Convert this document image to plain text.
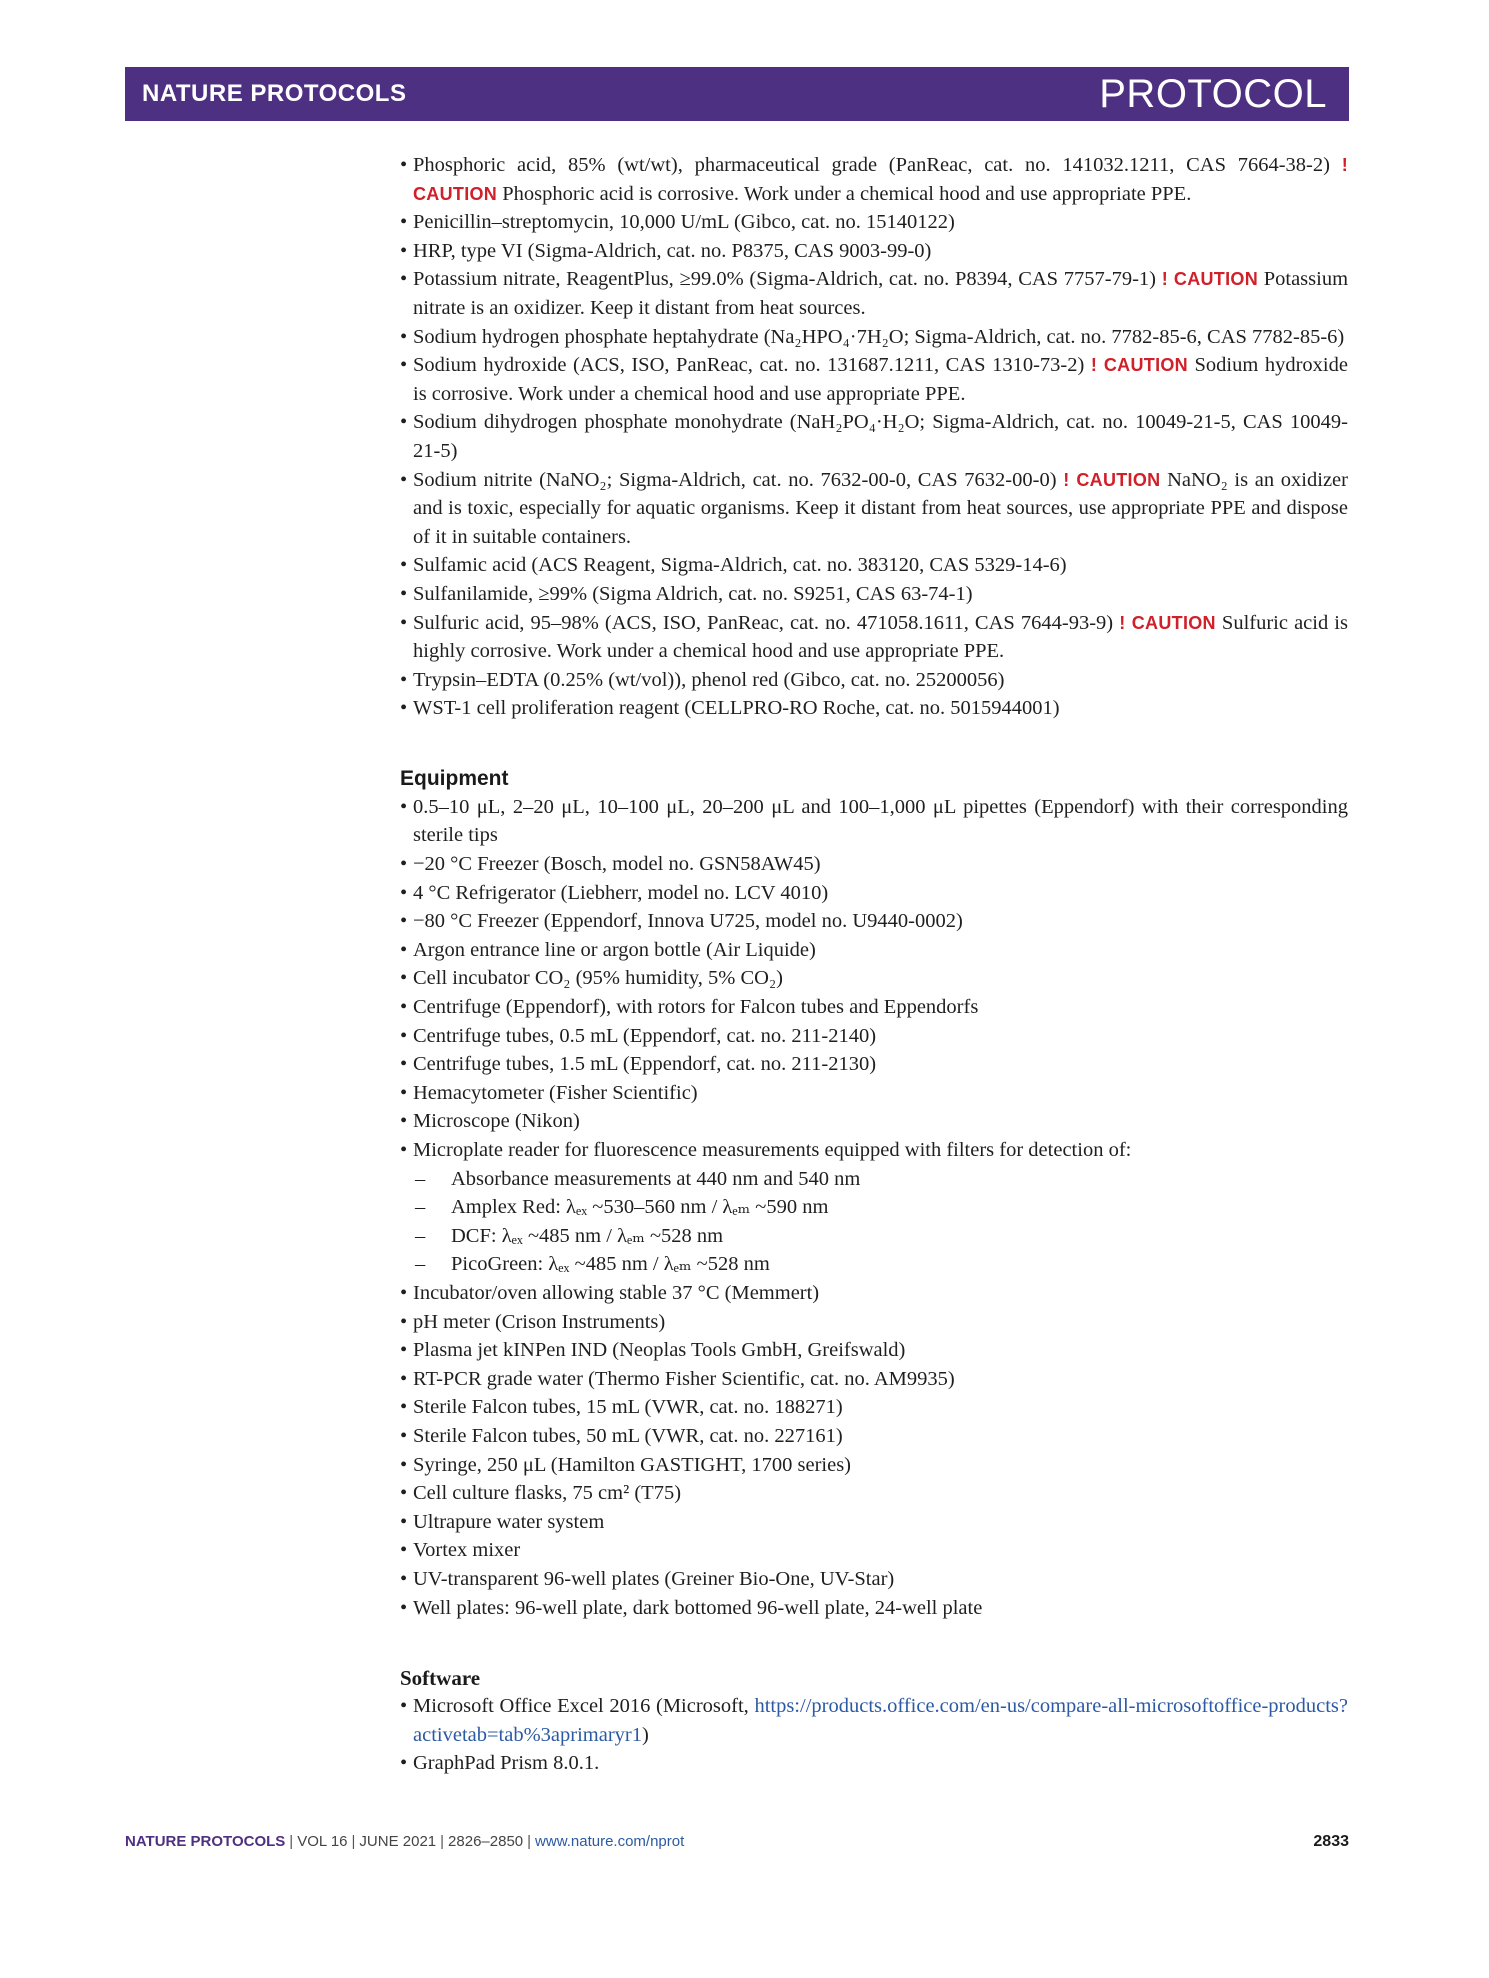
NATURE PROTOCOLS	PROTOCOL
• Phosphoric acid, 85% (wt/wt), pharmaceutical grade (PanReac, cat. no. 141032.1211, CAS 7664-38-2) ! CAUTION Phosphoric acid is corrosive. Work under a chemical hood and use appropriate PPE.
• Penicillin–streptomycin, 10,000 U/mL (Gibco, cat. no. 15140122)
• HRP, type VI (Sigma-Aldrich, cat. no. P8375, CAS 9003-99-0)
• Potassium nitrate, ReagentPlus, ≥99.0% (Sigma-Aldrich, cat. no. P8394, CAS 7757-79-1) ! CAUTION Potassium nitrate is an oxidizer. Keep it distant from heat sources.
• Sodium hydrogen phosphate heptahydrate (Na₂HPO₄·7H₂O; Sigma-Aldrich, cat. no. 7782-85-6, CAS 7782-85-6)
• Sodium hydroxide (ACS, ISO, PanReac, cat. no. 131687.1211, CAS 1310-73-2) ! CAUTION Sodium hydroxide is corrosive. Work under a chemical hood and use appropriate PPE.
• Sodium dihydrogen phosphate monohydrate (NaH₂PO₄·H₂O; Sigma-Aldrich, cat. no. 10049-21-5, CAS 10049-21-5)
• Sodium nitrite (NaNO₂; Sigma-Aldrich, cat. no. 7632-00-0, CAS 7632-00-0) ! CAUTION NaNO₂ is an oxidizer and is toxic, especially for aquatic organisms. Keep it distant from heat sources, use appropriate PPE and dispose of it in suitable containers.
• Sulfamic acid (ACS Reagent, Sigma-Aldrich, cat. no. 383120, CAS 5329-14-6)
• Sulfanilamide, ≥99% (Sigma Aldrich, cat. no. S9251, CAS 63-74-1)
• Sulfuric acid, 95–98% (ACS, ISO, PanReac, cat. no. 471058.1611, CAS 7644-93-9) ! CAUTION Sulfuric acid is highly corrosive. Work under a chemical hood and use appropriate PPE.
• Trypsin–EDTA (0.25% (wt/vol)), phenol red (Gibco, cat. no. 25200056)
• WST-1 cell proliferation reagent (CELLPRO-RO Roche, cat. no. 5015944001)
Equipment
• 0.5–10 μL, 2–20 μL, 10–100 μL, 20–200 μL and 100–1,000 μL pipettes (Eppendorf) with their corresponding sterile tips
• −20 °C Freezer (Bosch, model no. GSN58AW45)
• 4 °C Refrigerator (Liebherr, model no. LCV 4010)
• −80 °C Freezer (Eppendorf, Innova U725, model no. U9440-0002)
• Argon entrance line or argon bottle (Air Liquide)
• Cell incubator CO₂ (95% humidity, 5% CO₂)
• Centrifuge (Eppendorf), with rotors for Falcon tubes and Eppendorfs
• Centrifuge tubes, 0.5 mL (Eppendorf, cat. no. 211-2140)
• Centrifuge tubes, 1.5 mL (Eppendorf, cat. no. 211-2130)
• Hemacytometer (Fisher Scientific)
• Microscope (Nikon)
• Microplate reader for fluorescence measurements equipped with filters for detection of:
– Absorbance measurements at 440 nm and 540 nm
– Amplex Red: λₑₓ ~530–560 nm / λₑₘ ~590 nm
– DCF: λₑₓ ~485 nm / λₑₘ ~528 nm
– PicoGreen: λₑₓ ~485 nm / λₑₘ ~528 nm
• Incubator/oven allowing stable 37 °C (Memmert)
• pH meter (Crison Instruments)
• Plasma jet kINPen IND (Neoplas Tools GmbH, Greifswald)
• RT-PCR grade water (Thermo Fisher Scientific, cat. no. AM9935)
• Sterile Falcon tubes, 15 mL (VWR, cat. no. 188271)
• Sterile Falcon tubes, 50 mL (VWR, cat. no. 227161)
• Syringe, 250 μL (Hamilton GASTIGHT, 1700 series)
• Cell culture flasks, 75 cm² (T75)
• Ultrapure water system
• Vortex mixer
• UV-transparent 96-well plates (Greiner Bio-One, UV-Star)
• Well plates: 96-well plate, dark bottomed 96-well plate, 24-well plate
Software
• Microsoft Office Excel 2016 (Microsoft, https://products.office.com/en-us/compare-all-microsoftoffice-products?activetab=tab%3aprimaryr1)
• GraphPad Prism 8.0.1.
NATURE PROTOCOLS | VOL 16 | JUNE 2021 | 2826–2850 | www.nature.com/nprot	2833
